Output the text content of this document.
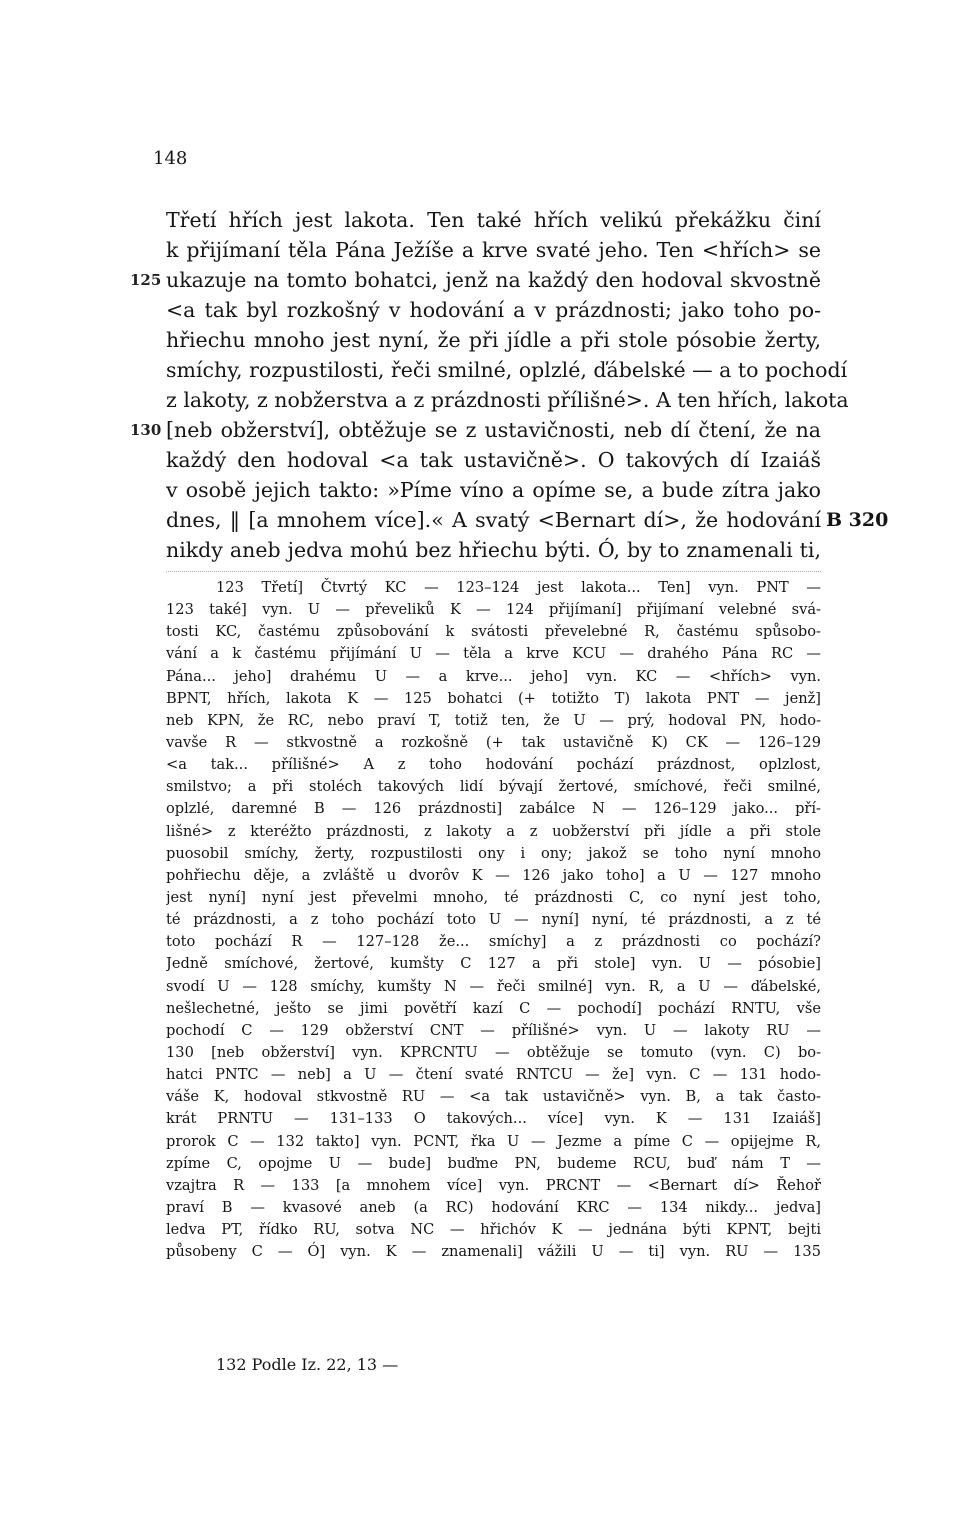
148
Třetí hřích jest lakota. Ten také hřích velikú překážku činí
k přijímaní těla Pána Ježíše a krve svaté jeho. Ten <hřích> se
125 ukazuje na tomto bohatci, jenž na každý den hodoval skvostně
<a tak byl rozkošný v hodování a v prázdnosti; jako toho po-
hřiechu mnoho jest nyní, že při jídle a při stole pósobie žerty,
smíchy, rozpustilosti, řeči smilné, oplzlé, ďábelské — a to pochodí
z lakoty, z nobžerstva a z prázdnosti přílišné>. A ten hřích, lakota
130 [neb obžerství], obtěžuje se z ustavičnosti, neb dí čtení, že na
každý den hodoval <a tak ustavičně>. O takových dí Izaiáš
v osobě jejich takto: »Píme víno a opíme se, a bude zítra jako
dnes, ‖ [a mnohem více].« A svatý <Bernart dí>, že hodování B 320
nikdy aneb jedva mohú bez hřiechu býti. Ó, by to znamenali ti,
123 Třetí] Čtvrtý KC — 123–124 jest lakota... Ten] vyn. PNT —
123 také] vyn. U — převeliků K — 124 přijímaní] přijímaní velebné svá-
tosti KC, častému způsobování k svátosti převelebné R, častému spůsobo-
vání a k častému přijímání U — těla a krve KCU — drahého Pána RC —
Pána... jeho] drahému U — a krve... jeho] vyn. KC — <hřích> vyn.
BPNT, hřích, lakota K — 125 bohatci (+ totižto T) lakota PNT — jenž]
neb KPN, že RC, nebo praví T, totiž ten, že U — prý, hodoval PN, hodo-
vavše R — stkvostně a rozkošně (+ tak ustavičně K) CK — 126–129
<a tak... přílišné> A z toho hodování pochází prázdnost, oplzlost,
smilstvo; a při stoléch takových lidí bývají žertové, smíchové, řeči smilné,
oplzlé, daremné B — 126 prázdnosti] zabálce N — 126–129 jako... pří-
lišné> z kteréžto prázdnosti, z lakoty a z uobžerství při jídle a při stole
puosobil smíchy, žerty, rozpustilosti ony i ony; jakož se toho nyní mnoho
pohřiechu děje, a zvláště u dvorôv K — 126 jako toho] a U — 127 mnoho
jest nyní] nyní jest převelmi mnoho, té prázdnosti C, co nyní jest toho,
té prázdnosti, a z toho pochází toto U — nyní] nyní, té prázdnosti, a z té
toto pochází R — 127–128 že... smíchy] a z prázdnosti co pochází?
Jedně smíchové, žertové, kumšty C 127 a při stole] vyn. U — pósobie]
svodí U — 128 smíchy, kumšty N — řeči smilné] vyn. R, a U — ďábelské,
nešlechetné, ješto se jimi povětří kazí C — pochodí] pochází RNTU, vše
pochodí C — 129 obžerství CNT — přílišné> vyn. U — lakoty RU —
130 [neb obžerství] vyn. KPRCNTU — obtěžuje se tomuto (vyn. C) bo-
hatci PNTC — neb] a U — čtení svaté RNTCU — že] vyn. C — 131 hodo-
váše K, hodoval stkvostně RU — <a tak ustavičně> vyn. B, a tak často-
krát PRNTU — 131–133 O takových... více] vyn. K — 131 Izaiáš]
prorok C — 132 takto] vyn. PCNT, řka U — Jezme a píme C — opijejme R,
zpíme C, opojme U — bude] buďme PN, budeme RCU, buď nám T —
vzajtra R — 133 [a mnohem více] vyn. PRCNT — <Bernart dí> Řehoř
praví B — kvasové aneb (a RC) hodování KRC — 134 nikdy... jedva]
ledva PT, řídko RU, sotva NC — hřichóv K — jednána býti KPNT, bejti
působeny C — Ó] vyn. K — znamenali] vážili U — ti] vyn. RU — 135
132 Podle Iz. 22, 13 —
